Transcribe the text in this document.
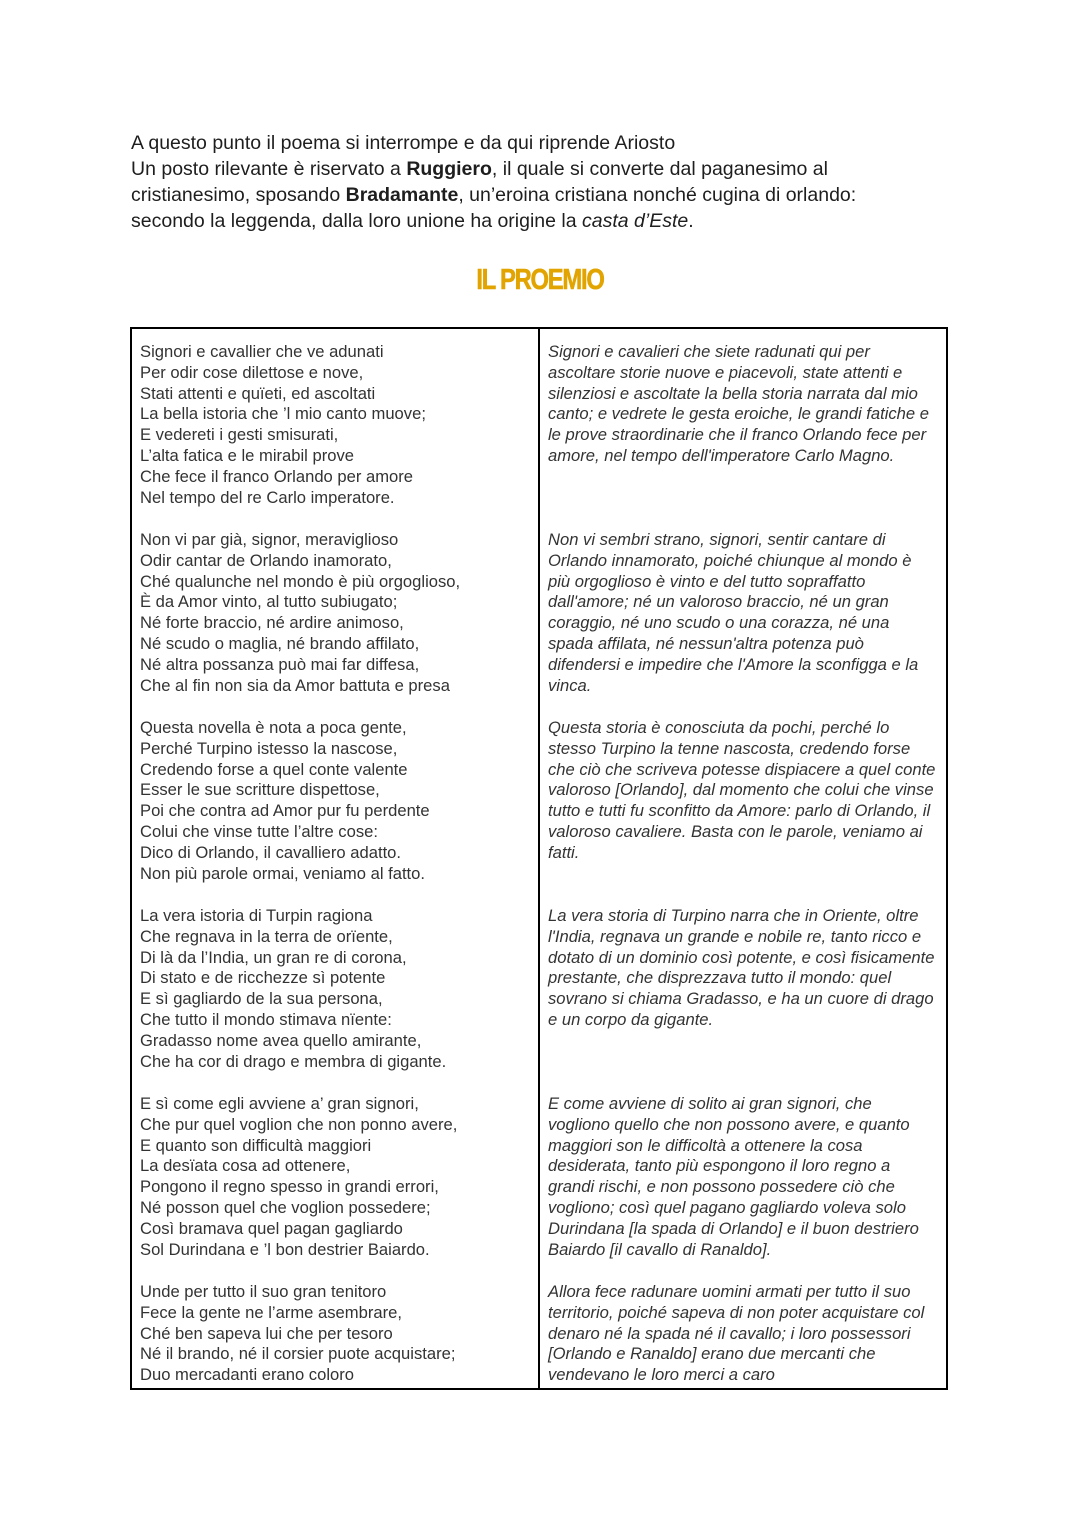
A questo punto il poema si interrompe e da qui riprende Ariosto

Un posto rilevante è riservato a Ruggiero, il quale si converte dal paganesimo al cristianesimo, sposando Bradamante, un’eroina cristiana nonché cugina di orlando: secondo la leggenda, dalla loro unione ha origine la casta d’Este.

IL PROEMIO

Signori e cavallier che ve adunati
Per odir cose dilettose e nove,
Stati attenti e quïeti, ed ascoltati
La bella istoria che ’l mio canto muove;
E vedereti i gesti smisurati,
L’alta fatica e le mirabil prove
Che fece il franco Orlando per amore
Nel tempo del re Carlo imperatore.

Non vi par già, signor, meraviglioso
Odir cantar de Orlando inamorato,
Ché qualunche nel mondo è più orgoglioso,
È da Amor vinto, al tutto subiugato;
Né forte braccio, né ardire animoso,
Né scudo o maglia, né brando affilato,
Né altra possanza può mai far diffesa,
Che al fin non sia da Amor battuta e presa

Questa novella è nota a poca gente,
Perché Turpino istesso la nascose,
Credendo forse a quel conte valente
Esser le sue scritture dispettose,
Poi che contra ad Amor pur fu perdente
Colui che vinse tutte l’altre cose:
Dico di Orlando, il cavalliero adatto.
Non più parole ormai, veniamo al fatto.

La vera istoria di Turpin ragiona
Che regnava in la terra de orïente,
Di là da l’India, un gran re di corona,
Di stato e de ricchezze sì potente
E sì gagliardo de la sua persona,
Che tutto il mondo stimava nïente:
Gradasso nome avea quello amirante,
Che ha cor di drago e membra di gigante.

E sì come egli avviene a’ gran signori,
Che pur quel voglion che non ponno avere,
E quanto son difficultà maggiori
La desïata cosa ad ottenere,
Pongono il regno spesso in grandi errori,
Né posson quel che voglion possedere;
Così bramava quel pagan gagliardo
Sol Durindana e ’l bon destrier Baiardo.

Unde per tutto il suo gran tenitoro
Fece la gente ne l’arme asembrare,
Ché ben sapeva lui che per tesoro
Né il brando, né il corsier puote acquistare;
Duo mercadanti erano coloro

Signori e cavalieri che siete radunati qui per ascoltare storie nuove e piacevoli, state attenti e silenziosi e ascoltate la bella storia narrata dal mio canto; e vedrete le gesta eroiche, le grandi fatiche e le prove straordinarie che il franco Orlando fece per amore, nel tempo dell'imperatore Carlo Magno.

Non vi sembri strano, signori, sentir cantare di Orlando innamorato, poiché chiunque al mondo è più orgoglioso è vinto e del tutto sopraffatto dall'amore; né un valoroso braccio, né un gran coraggio, né uno scudo o una corazza, né una spada affilata, né nessun'altra potenza può difendersi e impedire che l'Amore la sconfigga e la vinca.

Questa storia è conosciuta da pochi, perché lo stesso Turpino la tenne nascosta, credendo forse che ciò che scriveva potesse dispiacere a quel conte valoroso [Orlando], dal momento che colui che vinse tutto e tutti fu sconfitto da Amore: parlo di Orlando, il valoroso cavaliere. Basta con le parole, veniamo ai fatti.

La vera storia di Turpino narra che in Oriente, oltre l'India, regnava un grande e nobile re, tanto ricco e dotato di un dominio così potente, e così fisicamente prestante, che disprezzava tutto il mondo: quel sovrano si chiama Gradasso, e ha un cuore di drago e un corpo da gigante.

E come avviene di solito ai gran signori, che vogliono quello che non possono avere, e quanto maggiori son le difficoltà a ottenere la cosa desiderata, tanto più espongono il loro regno a grandi rischi, e non possono possedere ciò che vogliono; così quel pagano gagliardo voleva solo Durindana [la spada di Orlando] e il buon destriero Baiardo [il cavallo di Ranaldo].

Allora fece radunare uomini armati per tutto il suo territorio, poiché sapeva di non poter acquistare col denaro né la spada né il cavallo; i loro possessori [Orlando e Ranaldo] erano due mercanti che vendevano le loro merci a caro
